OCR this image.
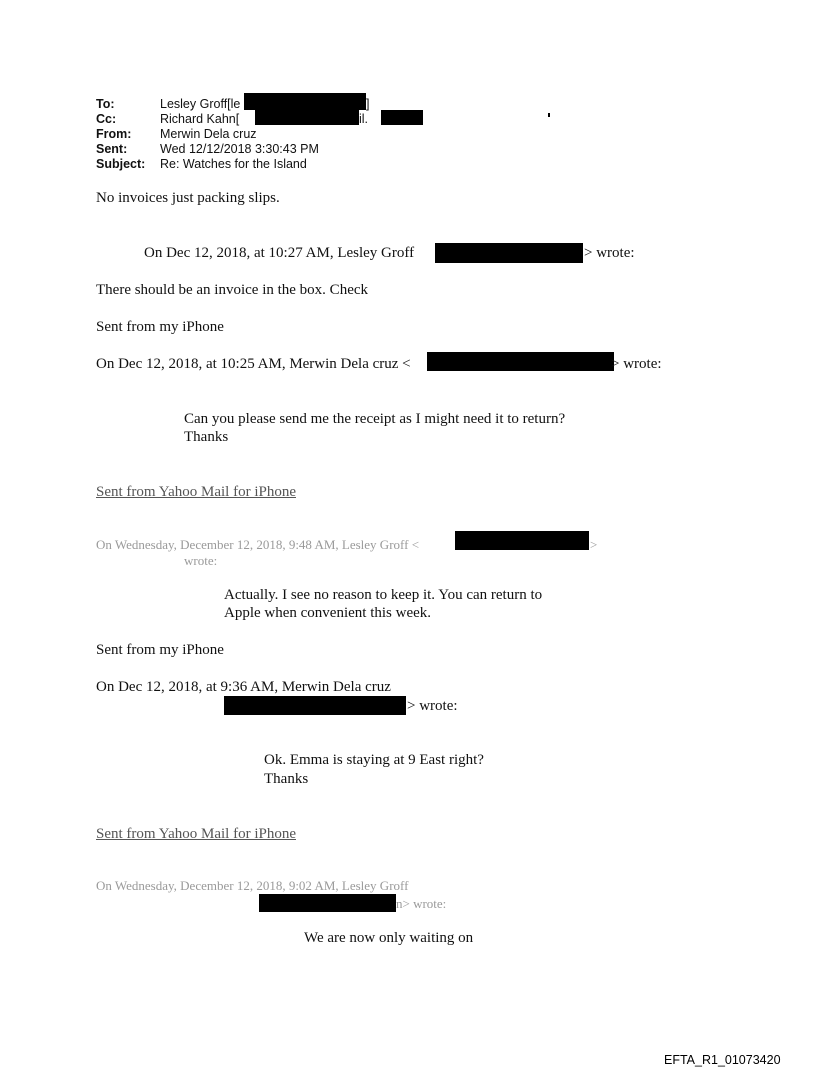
To:	Lesley Groff[le	]
Cc:	Richard Kahn[	il.
From: Merwin Dela cruz
Sent:	Wed 12/12/2018 3:30:43 PM
Subject: Re: Watches for the Island
No invoices just packing slips.
On Dec 12, 2018, at 10:27 AM, Lesley Groff	> wrote:
There should be an invoice in the box. Check
Sent from my iPhone
On Dec 12, 2018, at 10:25 AM, Merwin Dela cruz <	> wrote:
Can you please send me the receipt as I might need it to return?
Thanks
Sent from Yahoo Mail for iPhone
On Wednesday, December 12, 2018, 9:48 AM, Lesley Groff <	>
wrote:
Actually. I see no reason to keep it. You can return to
Apple when convenient this week.
Sent from my iPhone
On Dec 12, 2018, at 9:36 AM, Merwin Dela cruz
> wrote:
Ok. Emma is staying at 9 East right?
Thanks
Sent from Yahoo Mail for iPhone
On Wednesday, December 12, 2018, 9:02 AM, Lesley Groff
n> wrote:
We are now only waiting on
EFTA_R1_01073420
